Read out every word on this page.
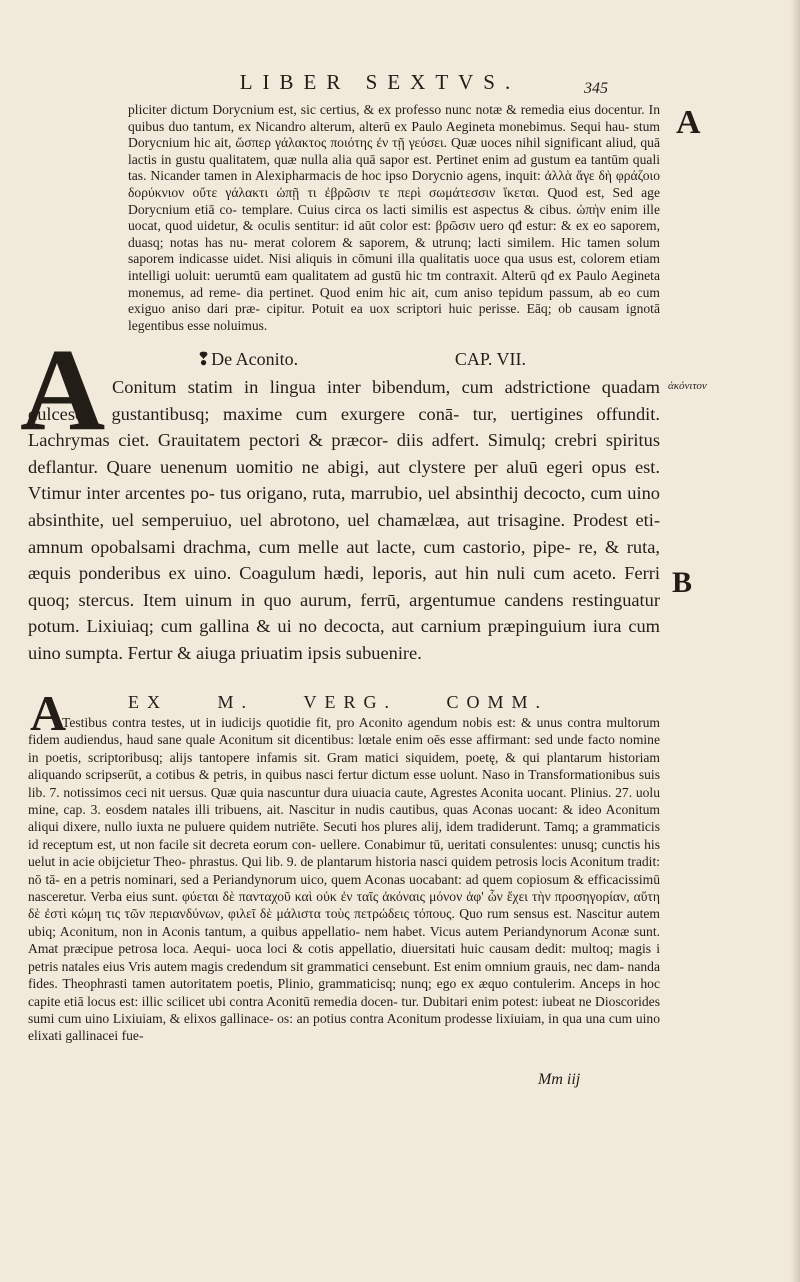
LIBER SEXTVS.	345
A
B
ἀκόνιτον

pliciter dictum Dorycnium est, sic certius, & ex professo nunc notæ & remedia eius docentur. In quibus duo tantum, ex Nicandro alterum, alterū ex Paulo Aegineta monebimus. Sequi hau- stum Dorycnium hic ait, ὥσπερ γάλακτος ποιότης ἐν τῇ γεύσει. Quæ uoces nihil significant aliud, quā lactis in gustu qualitatem, quæ nulla alia quā sapor est. Pertinet enim ad gustum ea tantūm quali tas. Nicander tamen in Alexipharmacis de hoc ipso Dorycnio agens, inquit: ἀλλὰ ἄγε δὴ φράζοιο δορύκνιον οὔτε γάλακτι ὠπῇ τι ἐβρῶσιν τε περὶ σωμάτεσσιν ἵκεται. Quod est, Sed age Dorycnium etiā co- templare. Cuius circa os lacti similis est aspectus & cibus. ὠπὴν enim ille uocat, quod uidetur, & oculis sentitur: id aūt color est: βρῶσιν uero qđ estur: & ex eo saporem, duasq; notas has nu- merat colorem & saporem, & utrunq; lacti similem. Hic tamen solum saporem indicasse uidet. Nisi aliquis in cōmuni illa qualitatis uoce qua usus est, colorem etiam intelligi uoluit: uerumtū eam qualitatem ad gustū hic tm contraxit. Alterū qđ ex Paulo Aegineta monemus, ad reme- dia pertinet. Quod enim hic ait, cum aniso tepidum passum, ab eo cum exiguo aniso dari præ- cipitur. Potuit ea uox scriptori huic perisse. Eāq; ob causam ignotā legentibus esse noluimus.

❢ De Aconito.	CAP. VII.
A Conitum statim in lingua inter bibendum, cum adstrictione quadam dulcescit, gustantibusq; maxime cum exurgere conā- tur, uertigines offundit. Lachrymas ciet. Grauitatem pectori & præcor- diis adfert. Simulq; crebri spiritus deflantur. Quare uenenum uomitio ne abigi, aut clystere per aluū egeri opus est. Vtimur inter arcentes po- tus origano, ruta, marrubio, uel absinthij decocto, cum uino absinthite, uel semperuiuo, uel abrotono, uel chamælæa, aut trisagine. Prodest eti- amnum opobalsami drachma, cum melle aut lacte, cum castorio, pipe- re, & ruta, æquis ponderibus ex uino. Coagulum hædi, leporis, aut hin nuli cum aceto. Ferri quoq; stercus. Item uinum in quo aurum, ferrū, argentumue candens restinguatur potum. Lixiuiaq; cum gallina & ui no decocta, aut carnium præpinguium iura cum uino sumpta. Fertur & aiuga priuatim ipsis subuenire.

A	EX	M.	VERG.	COMM.

Testibus contra testes, ut in iudicijs quotidie fit, pro Aconito agendum nobis est: & unus contra multorum fidem audiendus, haud sane quale Aconitum sit dicentibus: lœtale enim oēs esse affirmant: sed unde facto nomine in poetis, scriptoribusq; alijs tantopere infamis sit. Gram matici siquidem, poetę, & qui plantarum historiam aliquando scripserūt, a cotibus & petris, in quibus nasci fertur dictum esse uolunt. Naso in Transformationibus suis lib. 7. notissimos ceci nit uersus. Quæ quia nascuntur dura uiuacia caute, Agrestes Aconita uocant. Plinius. 27. uolu mine, cap. 3. eosdem natales illi tribuens, ait. Nascitur in nudis cautibus, quas Aconas uocant: & ideo Aconitum aliqui dixere, nullo iuxta ne puluere quidem nutriēte. Secuti hos plures alij, idem tradiderunt. Tamq; a grammaticis id receptum est, ut non facile sit decreta eorum con- uellere. Conabimur tū, ueritati consulentes: unusq; cunctis his uelut in acie obijcietur Theo- phrastus. Qui lib. 9. de plantarum historia nasci quidem petrosis locis Aconitum tradit: nō tā- en a petris nominari, sed a Periandynorum uico, quem Aconas uocabant: ad quem copiosum & efficacissimū nasceretur. Verba eius sunt. φύεται δὲ πανταχοῦ καὶ οὐκ ἐν ταῖς ἀκόναις μόνον ἀφ' ὧν ἔχει τὴν προσηγορίαν, αὕτη δὲ ἐστὶ κώμη τις τῶν περιανδύνων, φιλεῖ δὲ μάλιστα τοὺς πετρώδεις τόπους. Quo rum sensus est. Nascitur autem ubiq; Aconitum, non in Aconis tantum, a quibus appellatio- nem habet. Vicus autem Periandynorum Aconæ sunt. Amat præcipue petrosa loca. Aequi- uoca loci & cotis appellatio, diuersitati huic causam dedit: multoq; magis i petris natales eius Vris autem magis credendum sit grammatici censebunt. Est enim omnium grauis, nec dam- nanda fides. Theophrasti tamen autoritatem poetis, Plinio, grammaticisq; nunq; ego ex æquo contulerim. Anceps in hoc capite etiā locus est: illic scilicet ubi contra Aconitū remedia docen- tur. Dubitari enim potest: iubeat ne Dioscorides sumi cum uino Lixiuiam, & elixos gallinace- os: an potius contra Aconitum prodesse lixiuiam, in qua una cum uino elixati gallinacei fue-

Mm iij
